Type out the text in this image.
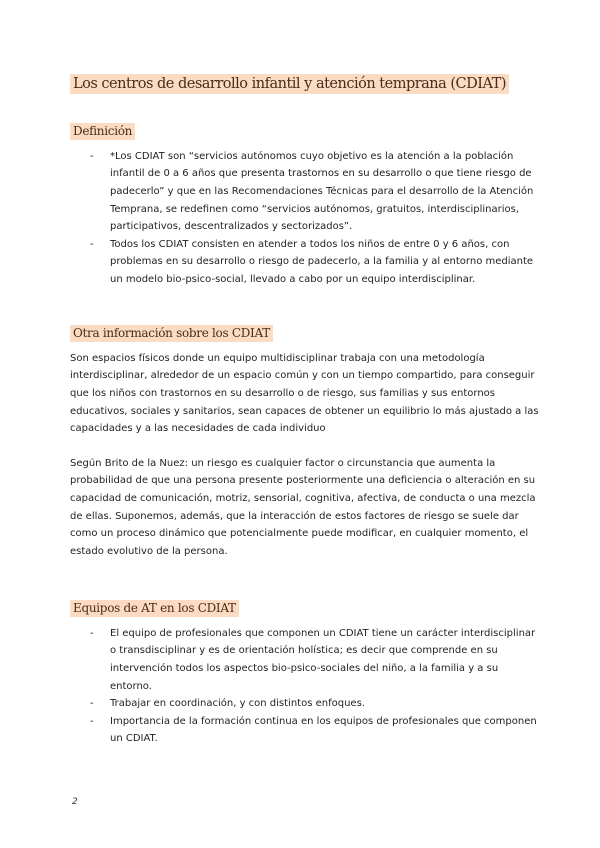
Los centros de desarrollo infantil y atención temprana (CDIAT)
Definición
- *Los CDIAT son “servicios autónomos cuyo objetivo es la atención a la población infantil de 0 a 6 años que presenta trastornos en su desarrollo o que tiene riesgo de padecerlo” y que en las Recomendaciones Técnicas para el desarrollo de la Atención Temprana, se redefinen como “servicios autónomos, gratuitos, interdisciplinarios, participativos, descentralizados y sectorizados”.
- Todos los CDIAT consisten en atender a todos los niños de entre 0 y 6 años, con problemas en su desarrollo o riesgo de padecerlo, a la familia y al entorno mediante un modelo bio-psico-social, llevado a cabo por un equipo interdisciplinar.
Otra información sobre los CDIAT

Son espacios físicos donde un equipo multidisciplinar trabaja con una metodología interdisciplinar, alrededor de un espacio común y con un tiempo compartido, para conseguir que los niños con trastornos en su desarrollo o de riesgo, sus familias y sus entornos educativos, sociales y sanitarios, sean capaces de obtener un equilibrio lo más ajustado a las capacidades y a las necesidades de cada individuo

Según Brito de la Nuez: un riesgo es cualquier factor o circunstancia que aumenta la probabilidad de que una persona presente posteriormente una deficiencia o alteración en su capacidad de comunicación, motriz, sensorial, cognitiva, afectiva, de conducta o una mezcla de ellas. Suponemos, además, que la interacción de estos factores de riesgo se suele dar como un proceso dinámico que potencialmente puede modificar, en cualquier momento, el estado evolutivo de la persona.

Equipos de AT en los CDIAT
- El equipo de profesionales que componen un CDIAT tiene un carácter interdisciplinar o transdisciplinar y es de orientación holística; es decir que comprende en su intervención todos los aspectos bio-psico-sociales del niño, a la familia y a su entorno.
- Trabajar en coordinación, y con distintos enfoques.
- Importancia de la formación continua en los equipos de profesionales que componen un CDIAT.
2
